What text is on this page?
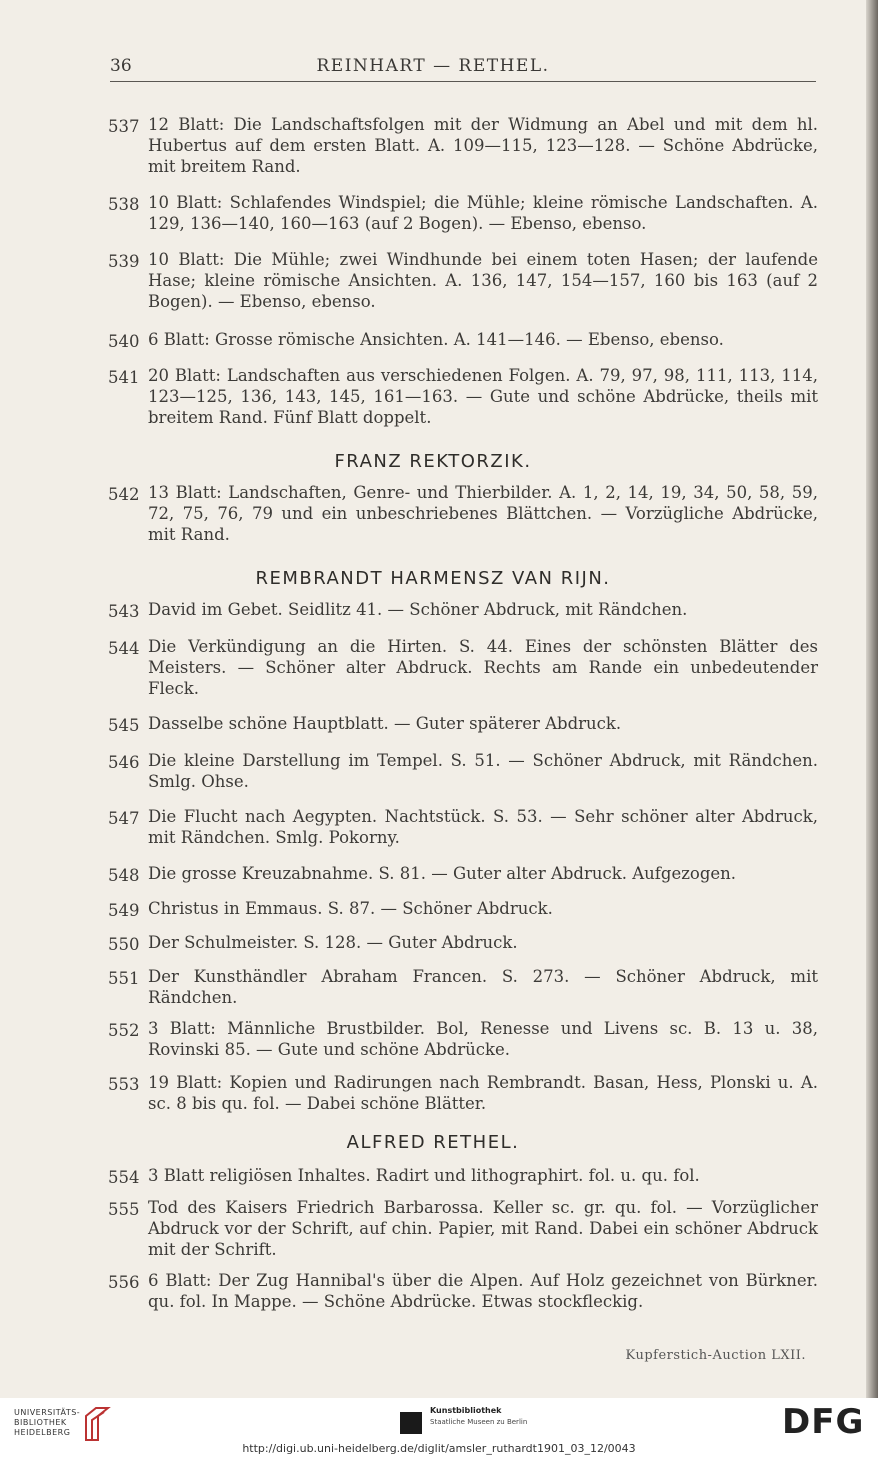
36	REINHART — RETHEL.
537 12 Blatt: Die Landschaftsfolgen mit der Widmung an Abel und mit dem hl. Hubertus auf dem ersten Blatt. A. 109—115, 123—128. — Schöne Abdrücke, mit breitem Rand.
538 10 Blatt: Schlafendes Windspiel; die Mühle; kleine römische Landschaften. A. 129, 136—140, 160—163 (auf 2 Bogen). — Ebenso, ebenso.
539 10 Blatt: Die Mühle; zwei Windhunde bei einem toten Hasen; der laufende Hase; kleine römische Ansichten. A. 136, 147, 154—157, 160 bis 163 (auf 2 Bogen). — Ebenso, ebenso.
540 6 Blatt: Grosse römische Ansichten. A. 141—146. — Ebenso, ebenso.
541 20 Blatt: Landschaften aus verschiedenen Folgen. A. 79, 97, 98, 111, 113, 114, 123—125, 136, 143, 145, 161—163. — Gute und schöne Abdrücke, theils mit breitem Rand. Fünf Blatt doppelt.
FRANZ REKTORZIK.
542 13 Blatt: Landschaften, Genre- und Thierbilder. A. 1, 2, 14, 19, 34, 50, 58, 59, 72, 75, 76, 79 und ein unbeschriebenes Blättchen. — Vorzügliche Abdrücke, mit Rand.
REMBRANDT HARMENSZ VAN RIJN.
543 David im Gebet. Seidlitz 41. — Schöner Abdruck, mit Rändchen.
544 Die Verkündigung an die Hirten. S. 44. Eines der schönsten Blätter des Meisters. — Schöner alter Abdruck. Rechts am Rande ein unbedeutender Fleck.
545 Dasselbe schöne Hauptblatt. — Guter späterer Abdruck.
546 Die kleine Darstellung im Tempel. S. 51. — Schöner Abdruck, mit Rändchen. Smlg. Ohse.
547 Die Flucht nach Aegypten. Nachtstück. S. 53. — Sehr schöner alter Abdruck, mit Rändchen. Smlg. Pokorny.
548 Die grosse Kreuzabnahme. S. 81. — Guter alter Abdruck. Aufgezogen.
549 Christus in Emmaus. S. 87. — Schöner Abdruck.
550 Der Schulmeister. S. 128. — Guter Abdruck.
551 Der Kunsthändler Abraham Francen. S. 273. — Schöner Abdruck, mit Rändchen.
552 3 Blatt: Männliche Brustbilder. Bol, Renesse und Livens sc. B. 13 u. 38, Rovinski 85. — Gute und schöne Abdrücke.
553 19 Blatt: Kopien und Radirungen nach Rembrandt. Basan, Hess, Plonski u. A. sc. 8 bis qu. fol. — Dabei schöne Blätter.
ALFRED RETHEL.
554 3 Blatt religiösen Inhaltes. Radirt und lithographirt. fol. u. qu. fol.
555 Tod des Kaisers Friedrich Barbarossa. Keller sc. gr. qu. fol. — Vorzüglicher Abdruck vor der Schrift, auf chin. Papier, mit Rand. Dabei ein schöner Abdruck mit der Schrift.
556 6 Blatt: Der Zug Hannibal's über die Alpen. Auf Holz gezeichnet von Bürkner. qu. fol. In Mappe. — Schöne Abdrücke. Etwas stockfleckig.
Kupferstich-Auction LXII.
UNIVERSITÄTS-
BIBLIOTHEK
HEIDELBERG
Kunstbibliothek
Staatliche Museen zu Berlin	DFG
http://digi.ub.uni-heidelberg.de/diglit/amsler_ruthardt1901_03_12/0043
